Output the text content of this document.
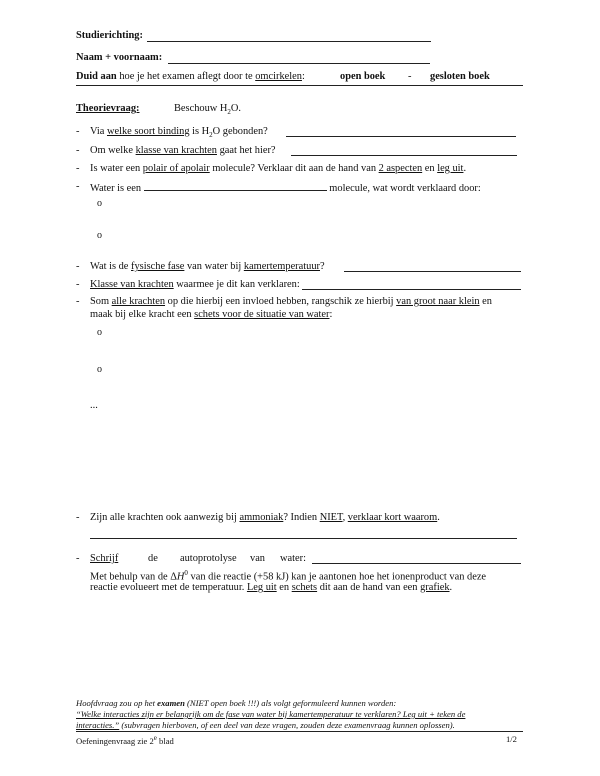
Studierichting:
Naam + voornaam:
Duid aan hoe je het examen aflegt door te omcirkelen:	open boek - gesloten boek
Theorievraag:	Beschouw $H_2O$.
- Via welke soort binding is $H_2O$ gebonden?
- Om welke klasse van krachten gaat het hier?
- Is water een polair of apolair molecule? Verklaar dit aan de hand van 2 aspecten en leg uit.
- Water is een	molecule, wat wordt verklaard door:
o
o
- Wat is de fysische fase van water bij kamertemperatuur?
- Klasse van krachten waarmee je dit kan verklaren:
- Som alle krachten op die hierbij een invloed hebben, rangschik ze hierbij van groot naar klein en
maak bij elke kracht een schets voor de situatie van water:
o
o
...
- Zijn alle krachten ook aanwezig bij ammoniak? Indien NIET, verklaar kort waarom.
- Schrijf	de autoprotolyse van water:
Met behulp van de $\Delta H^0$ van die reactie (+58 kJ) kan je aantonen hoe het ionenproduct van deze
reactie evolueert met de temperatuur. Leg uit en schets dit aan de hand van een grafiek.
Hoofdvraag zou op het examen (NIET open boek !!!) als volgt geformuleerd kunnen worden:
“Welke interacties zijn er belangrijk om de fase van water bij kamertemperatuur te verklaren? Leg uit + teken de
interacties.” (subvragen hierboven, of een deel van deze vragen, zouden deze examenvraag kunnen oplossen).
Oefeningenvraag zie 2e blad	1/2
